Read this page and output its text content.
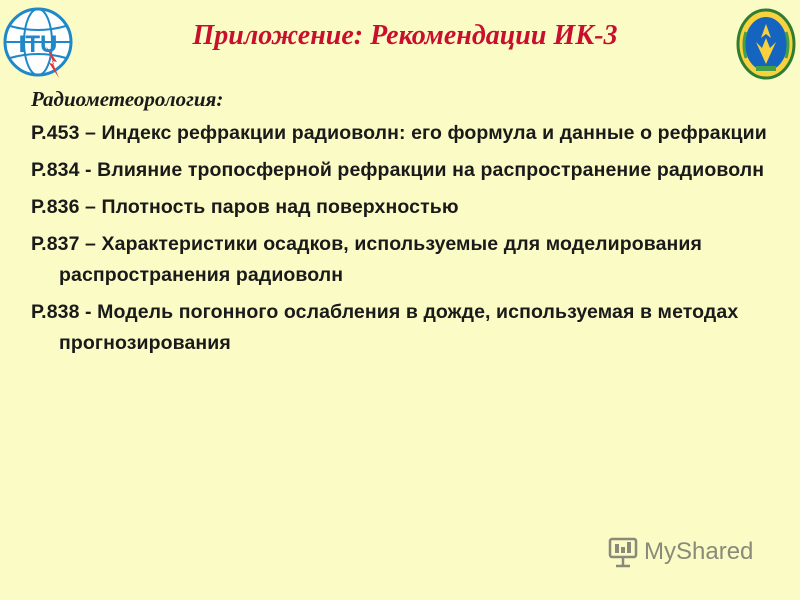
ITU	Приложение: Рекомендации ИК-3
Радиометеорология:
Р.453 – Индекс рефракции радиоволн: его формула и данные о рефракции
Р.834 - Влияние тропосферной рефракции на распространение радиоволн
Р.836 – Плотность паров над поверхностью
Р.837 – Характеристики осадков, используемые для моделирования распространения радиоволн
Р.838 - Модель погонного ослабления в дожде, используемая в методах прогнозирования
MyShared
